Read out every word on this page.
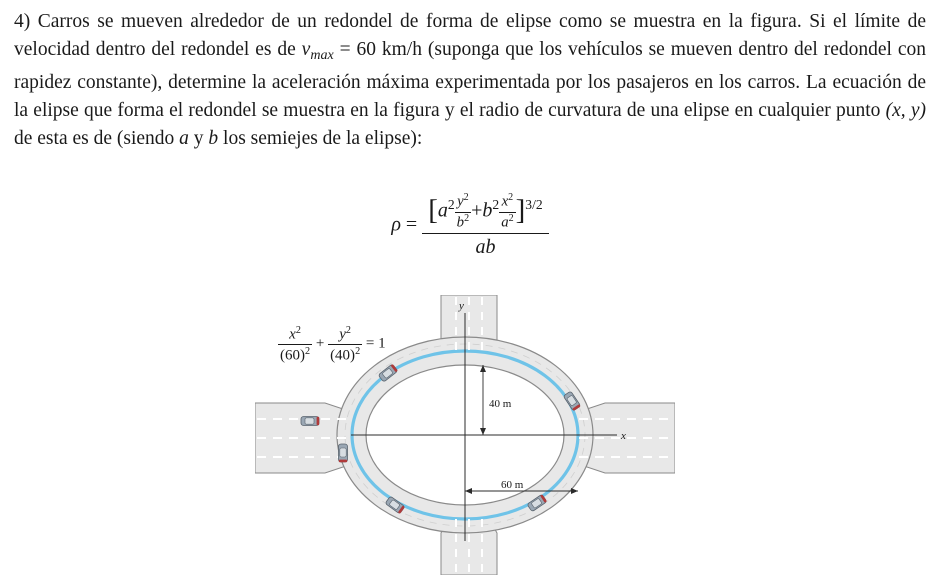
4) Carros se mueven alrededor de un redondel de forma de elipse como se muestra en la figura. Si el límite de velocidad dentro del redondel es de $v_{max} = 60$ km/h (suponga que los vehículos se mueven dentro del redondel con rapidez constante), determine la aceleración máxima experimentada por los pasajeros en los carros. La ecuación de la elipse que forma el redondel se muestra en la figura y el radio de curvatura de una elipse en cualquier punto (x, y) de esta es de (siendo a y b los semiejes de la elipse):
$\rho = \frac{[a^2 \frac{y^2}{b^2} +b^2 \frac{x^2}{a^2} ]^{3/2}}{ab}$
$\frac{x^2}{(60)^2} + \frac{y^2}{(40)^2} = 1$
y
x
40 m
60 m
